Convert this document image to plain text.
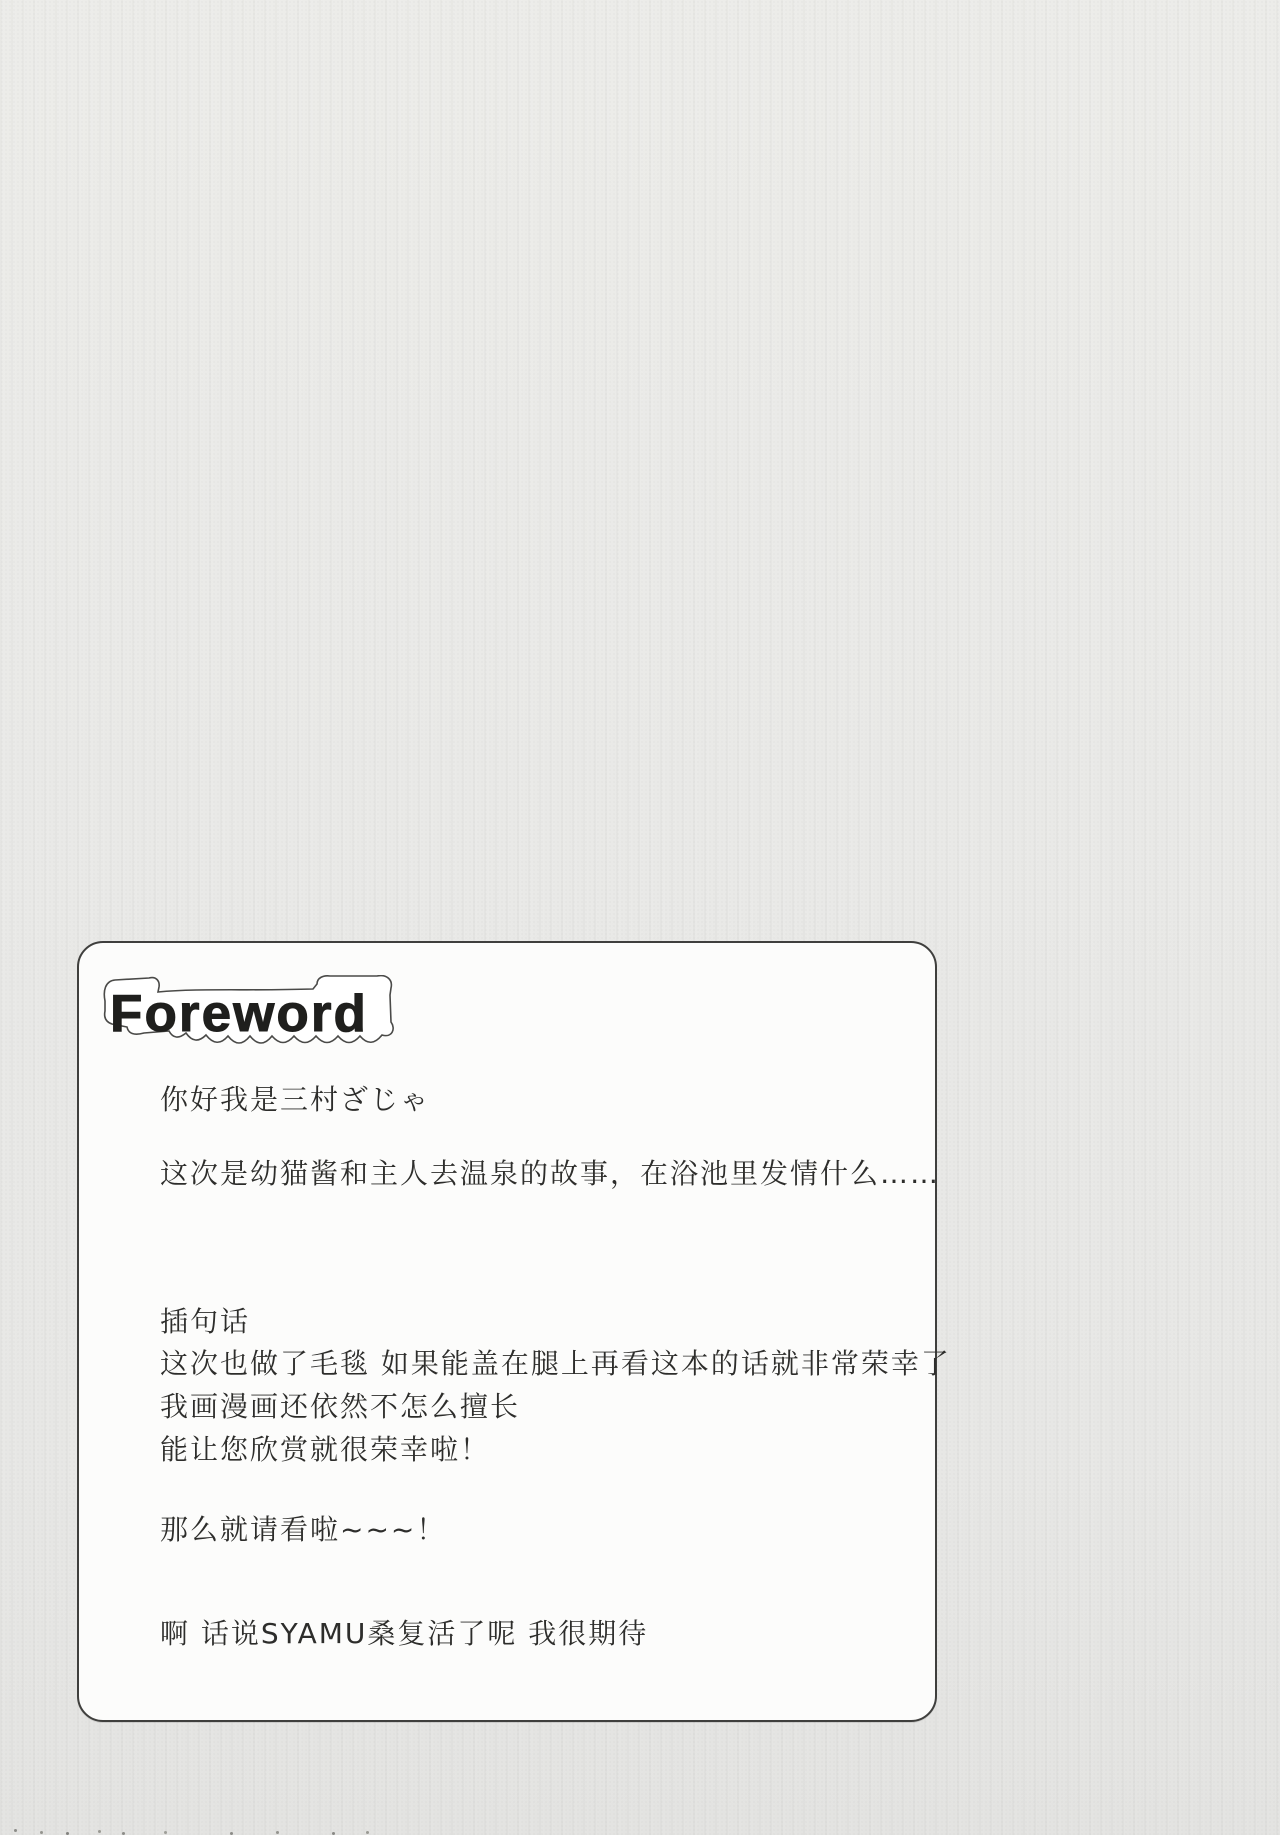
Foreword
你好我是三村ざじゃ
这次是幼猫酱和主人去温泉的故事，在浴池里发情什么……
插句话
这次也做了毛毯 如果能盖在腿上再看这本的话就非常荣幸了
我画漫画还依然不怎么擅长
能让您欣赏就很荣幸啦！
那么就请看啦~~~！
啊 话说SYAMU桑复活了呢 我很期待
